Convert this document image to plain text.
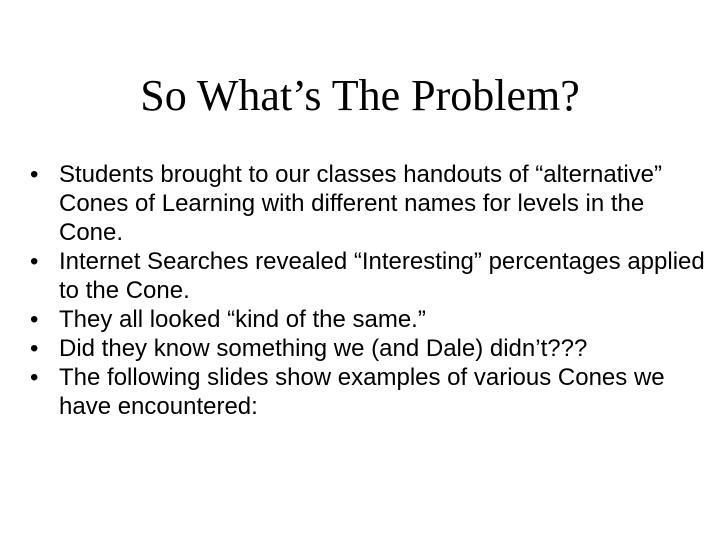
So What’s The Problem?
• Students brought to our classes handouts of “alternative” Cones of Learning with different names for levels in the Cone.
• Internet Searches revealed “Interesting” percentages applied to the Cone.
• They all looked “kind of the same.”
• Did they know something we (and Dale) didn’t???
• The following slides show examples of various Cones we have encountered:
